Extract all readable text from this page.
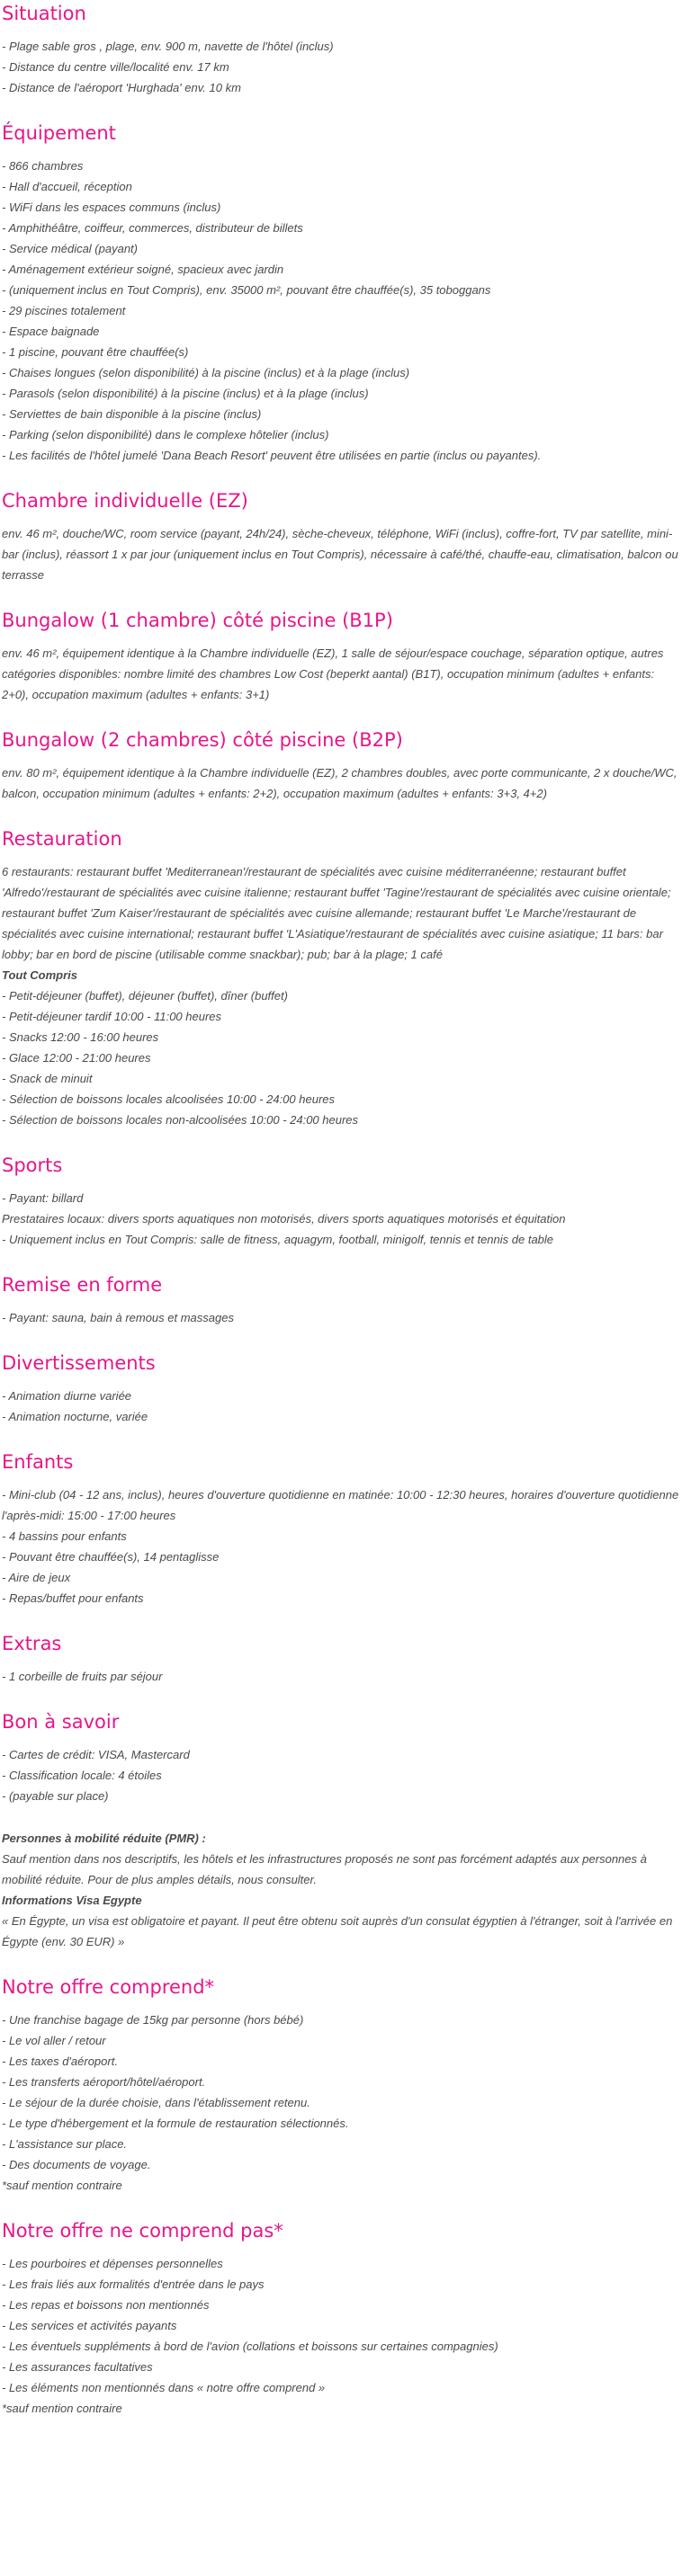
Situation
- Plage sable gros , plage, env. 900 m, navette de l'hôtel (inclus)
- Distance du centre ville/localité env. 17 km
- Distance de l'aéroport 'Hurghada' env. 10 km
Équipement
- 866 chambres
- Hall d'accueil, réception
- WiFi dans les espaces communs (inclus)
- Amphithéâtre, coiffeur, commerces, distributeur de billets
- Service médical (payant)
- Aménagement extérieur soigné, spacieux avec jardin
- (uniquement inclus en Tout Compris), env. 35000 m², pouvant être chauffée(s), 35 toboggans
- 29 piscines totalement
- Espace baignade
- 1 piscine, pouvant être chauffée(s)
- Chaises longues (selon disponibilité) à la piscine (inclus) et à la plage (inclus)
- Parasols (selon disponibilité) à la piscine (inclus) et à la plage (inclus)
- Serviettes de bain disponible à la piscine (inclus)
- Parking (selon disponibilité) dans le complexe hôtelier (inclus)
- Les facilités de l'hôtel jumelé 'Dana Beach Resort' peuvent être utilisées en partie (inclus ou payantes).
Chambre individuelle (EZ)

env. 46 m², douche/WC, room service (payant, 24h/24), sèche-cheveux, téléphone, WiFi (inclus), coffre-fort, TV par satellite, mini-bar (inclus), réassort 1 x par jour (uniquement inclus en Tout Compris), nécessaire à café/thé, chauffe-eau, climatisation, balcon ou terrasse

Bungalow (1 chambre) côté piscine (B1P)

env. 46 m², équipement identique à la Chambre individuelle (EZ), 1 salle de séjour/espace couchage, séparation optique, autres catégories disponibles: nombre limité des chambres Low Cost (beperkt aantal) (B1T), occupation minimum (adultes + enfants: 2+0), occupation maximum (adultes + enfants: 3+1)

Bungalow (2 chambres) côté piscine (B2P)

env. 80 m², équipement identique à la Chambre individuelle (EZ), 2 chambres doubles, avec porte communicante, 2 x douche/WC, balcon, occupation minimum (adultes + enfants: 2+2), occupation maximum (adultes + enfants: 3+3, 4+2)

Restauration

6 restaurants: restaurant buffet 'Mediterranean'/restaurant de spécialités avec cuisine méditerranéenne; restaurant buffet 'Alfredo'/restaurant de spécialités avec cuisine italienne; restaurant buffet 'Tagine'/restaurant de spécialités avec cuisine orientale; restaurant buffet 'Zum Kaiser'/restaurant de spécialités avec cuisine allemande; restaurant buffet 'Le Marche'/restaurant de spécialités avec cuisine international; restaurant buffet 'L'Asiatique'/restaurant de spécialités avec cuisine asiatique; 11 bars: bar lobby; bar en bord de piscine (utilisable comme snackbar); pub; bar à la plage; 1 café

Tout Compris
- Petit-déjeuner (buffet), déjeuner (buffet), dîner (buffet)
- Petit-déjeuner tardif 10:00 - 11:00 heures
- Snacks 12:00 - 16:00 heures
- Glace 12:00 - 21:00 heures
- Snack de minuit
- Sélection de boissons locales alcoolisées 10:00 - 24:00 heures
- Sélection de boissons locales non-alcoolisées 10:00 - 24:00 heures
Sports
- Payant: billard
Prestataires locaux: divers sports aquatiques non motorisés, divers sports aquatiques motorisés et équitation
- Uniquement inclus en Tout Compris: salle de fitness, aquagym, football, minigolf, tennis et tennis de table
Remise en forme
- Payant: sauna, bain à remous et massages
Divertissements
- Animation diurne variée
- Animation nocturne, variée
Enfants

- Mini-club (04 - 12 ans, inclus), heures d'ouverture quotidienne en matinée: 10:00 - 12:30 heures, horaires d'ouverture quotidienne l'après-midi: 15:00 - 17:00 heures

- 4 bassins pour enfants
- Pouvant être chauffée(s), 14 pentaglisse
- Aire de jeux
- Repas/buffet pour enfants
Extras
- 1 corbeille de fruits par séjour
Bon à savoir
- Cartes de crédit: VISA, Mastercard
- Classification locale: 4 étoiles
- (payable sur place)
Personnes à mobilité réduite (PMR) :

Sauf mention dans nos descriptifs, les hôtels et les infrastructures proposés ne sont pas forcément adaptés aux personnes à mobilité réduite. Pour de plus amples détails, nous consulter.

Informations Visa Egypte

« En Égypte, un visa est obligatoire et payant. Il peut être obtenu soit auprès d'un consulat égyptien à l'étranger, soit à l'arrivée en Égypte (env. 30 EUR) »

Notre offre comprend*
- Une franchise bagage de 15kg par personne (hors bébé)
- Le vol aller / retour
- Les taxes d'aéroport.
- Les transferts aéroport/hôtel/aéroport.
- Le séjour de la durée choisie, dans l'établissement retenu.
- Le type d'hébergement et la formule de restauration sélectionnés.
- L'assistance sur place.
- Des documents de voyage.
*sauf mention contraire
Notre offre ne comprend pas*
- Les pourboires et dépenses personnelles
- Les frais liés aux formalités d'entrée dans le pays
- Les repas et boissons non mentionnés
- Les services et activités payants
- Les éventuels suppléments à bord de l'avion (collations et boissons sur certaines compagnies)
- Les assurances facultatives
- Les éléments non mentionnés dans « notre offre comprend »
*sauf mention contraire
